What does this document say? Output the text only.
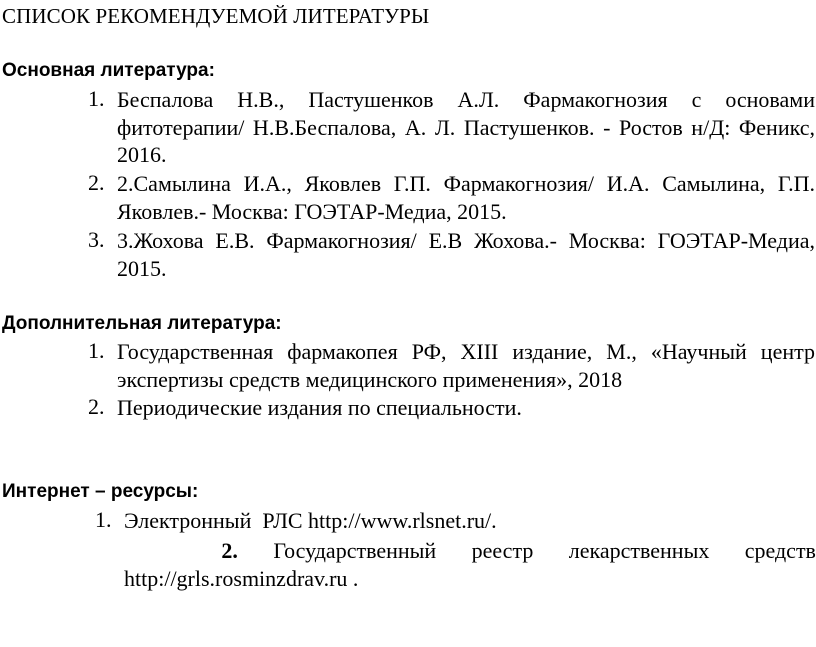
СПИСОК РЕКОМЕНДУЕМОЙ ЛИТЕРАТУРЫ
Основная литература:
1. Беспалова Н.В., Пастушенков А.Л. Фармакогнозия с основами фитотерапии/ Н.В.Беспалова, А. Л. Пастушенков. - Ростов н/Д: Феникс, 2016.
2. 2.Самылина И.А., Яковлев Г.П. Фармакогнозия/ И.А. Самылина, Г.П. Яковлев.- Москва: ГОЭТАР-Медиа, 2015.
3. 3.Жохова Е.В. Фармакогнозия/ Е.В Жохова.- Москва: ГОЭТАР-Медиа, 2015.
Дополнительная литература:
1. Государственная фармакопея РФ, XIII издание, М., «Научный центр экспертизы средств медицинского применения», 2018
2. Периодические издания по специальности.
Интернет – ресурсы:
1. Электронный  РЛС http://www.rlsnet.ru/.
2. Государственный реестр лекарственных средств
http://grls.rosminzdrav.ru .
